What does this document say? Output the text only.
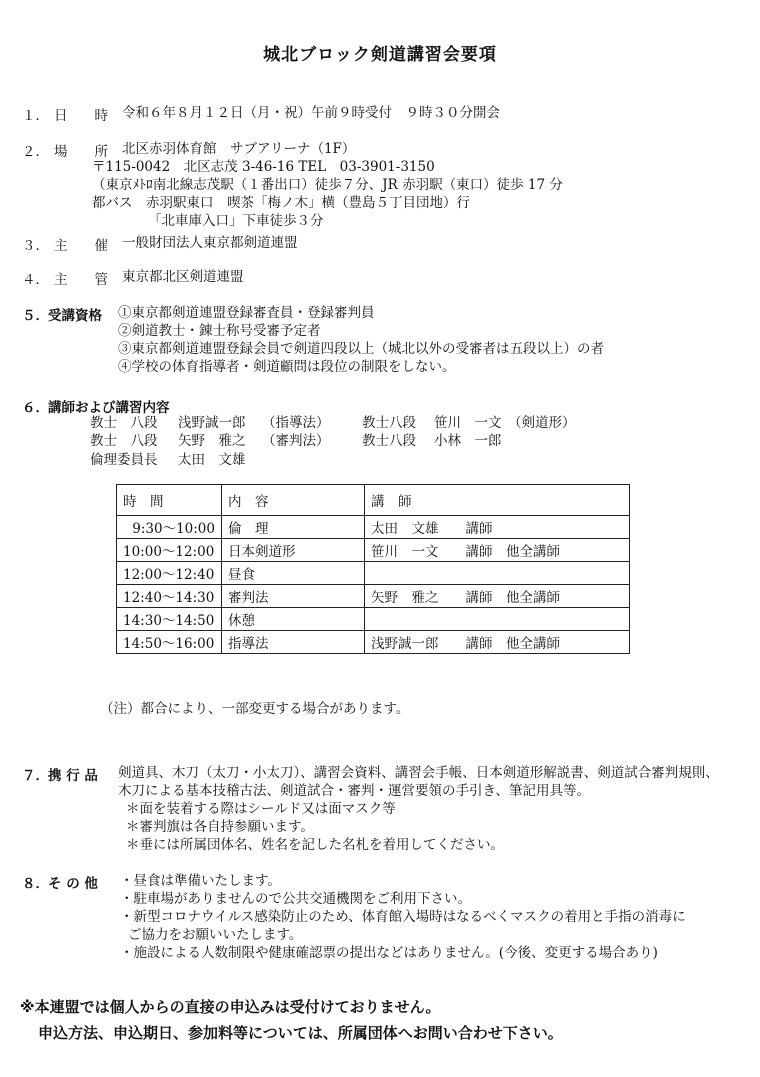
城北ブロック剣道講習会要項
１． 日　　時 令和６年８月１２日（月・祝）午前９時受付　９時３０分開会
２． 場　　所 北区赤羽体育館　サブアリーナ（1F）
〒115-0042　北区志茂 3-46-16 TEL　03-3901-3150
（東京ﾒﾄﾛ南北線志茂駅（１番出口）徒歩７分、JR 赤羽駅（東口）徒歩 17 分
都バス　赤羽駅東口　喫茶「梅ノ木」横（豊島５丁目団地）行
「北車庫入口」下車徒歩３分
３． 主　　催 一般財団法人東京都剣道連盟
４． 主　　管 東京都北区剣道連盟
５． 受講資格 ①東京都剣道連盟登録審査員・登録審判員
②剣道教士・錬士称号受審予定者
③東京都剣道連盟登録会員で剣道四段以上（城北以外の受審者は五段以上）の者
④学校の体育指導者・剣道顧問は段位の制限をしない。
６． 講師および講習内容
教士　八段 浅野誠一郎 （指導法） 教士八段 笹川　一文 （剣道形）
教士　八段 矢野　雅之 （審判法） 教士八段 小林　一郎
倫理委員長 太田　文雄
時　間	内　容	講　師
9:30～10:00	倫　理	太田　文雄　　講師
10:00～12:00	日本剣道形	笹川　一文　　講師　他全講師
12:00～12:40	昼食	
12:40～14:30	審判法	矢野　雅之　　講師　他全講師
14:30～14:50	休憩	
14:50～16:00	指導法	浅野誠一郎　　講師　他全講師
（注）都合により、一部変更する場合があります。
７． 携 行 品 剣道具、木刀（太刀・小太刀）、講習会資料、講習会手帳、日本剣道形解説書、剣道試合審判規則、
木刀による基本技稽古法、剣道試合・審判・運営要領の手引き、筆記用具等。
＊面を装着する際はシールド又は面マスク等
＊審判旗は各自持参願います。
＊垂には所属団体名、姓名を記した名札を着用してください。
８． そ の 他 ・昼食は準備いたします。
・駐車場がありませんので公共交通機関をご利用下さい。
・新型コロナウイルス感染防止のため、体育館入場時はなるべくマスクの着用と手指の消毒に
ご協力をお願いいたします。
・施設による人数制限や健康確認票の提出などはありません。(今後、変更する場合あり)
※本連盟では個人からの直接の申込みは受付けておりません。
申込方法、申込期日、参加料等については、所属団体へお問い合わせ下さい。
